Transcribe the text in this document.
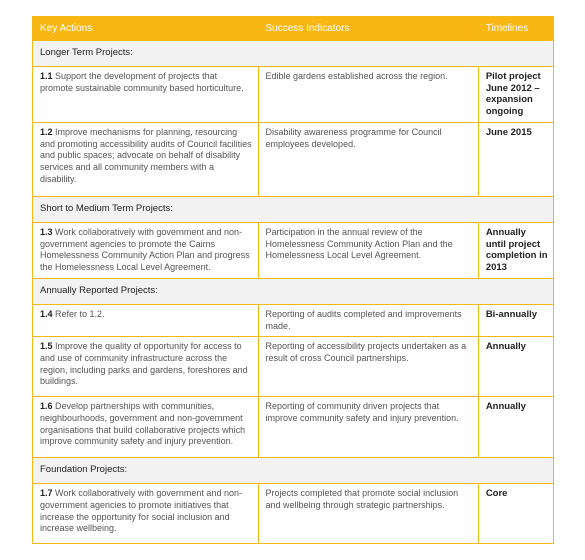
Key Actions	Success Indicators	Timelines
Longer Term Projects:		
1.1 Support the development of projects that promote sustainable community based horticulture.	Edible gardens established across the region.	Pilot project June 2012 – expansion ongoing
1.2 Improve mechanisms for planning, resourcing and promoting accessibility audits of Council facilities and public spaces; advocate on behalf of disability services and all community members with a disability.	Disability awareness programme for Council employees developed.	June 2015
Short to Medium Term Projects:		
1.3 Work collaboratively with government and non-government agencies to promote the Cairns Homelessness Community Action Plan and progress the Homelessness Local Level Agreement.	Participation in the annual review of the Homelessness Community Action Plan and the Homelessness Local Level Agreement.	Annually until project completion in 2013
Annually Reported Projects:		
1.4 Refer to 1.2.	Reporting of audits completed and improvements made.	Bi-annually
1.5 Improve the quality of opportunity for access to and use of community infrastructure across the region, including parks and gardens, foreshores and buildings.	Reporting of accessibility projects undertaken as a result of cross Council partnerships.	Annually
1.6 Develop partnerships with communities, neighbourhoods, government and non-government organisations that build collaborative projects which improve community safety and injury prevention.	Reporting of community driven projects that improve community safety and injury prevention.	Annually
Foundation Projects:		
1.7 Work collaboratively with government and non-government agencies to promote initiatives that increase the opportunity for social inclusion and increase wellbeing.	Projects completed that promote social inclusion and wellbeing through strategic partnerships.	Core
